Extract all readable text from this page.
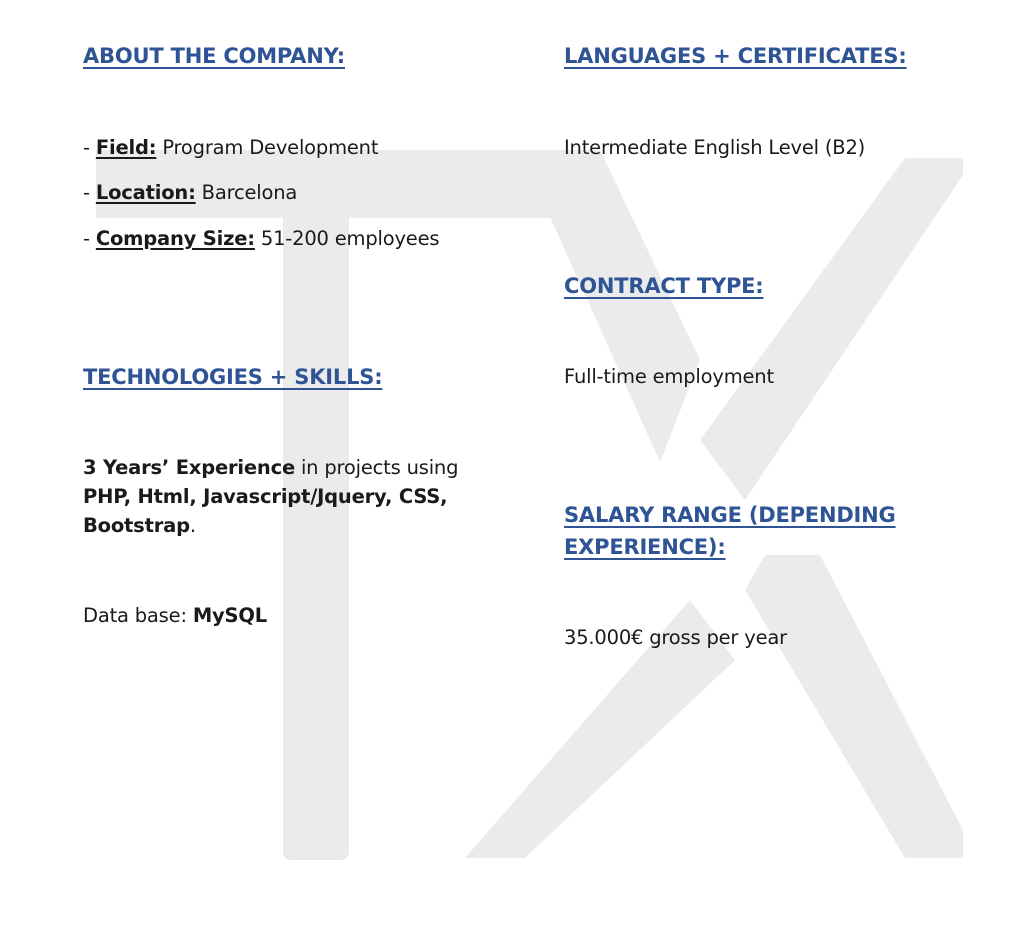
ABOUT THE COMPANY:

- Field: Program Development

- Location: Barcelona

- Company Size: 51-200 employees

TECHNOLOGIES + SKILLS:

3 Years’ Experience in projects using

PHP, Html, Javascript/Jquery, CSS,

Bootstrap.

Data base: MySQL

LANGUAGES + CERTIFICATES:

Intermediate English Level (B2)

CONTRACT TYPE:

Full-time employment

SALARY RANGE (DEPENDING
EXPERIENCE):

35.000€ gross per year
